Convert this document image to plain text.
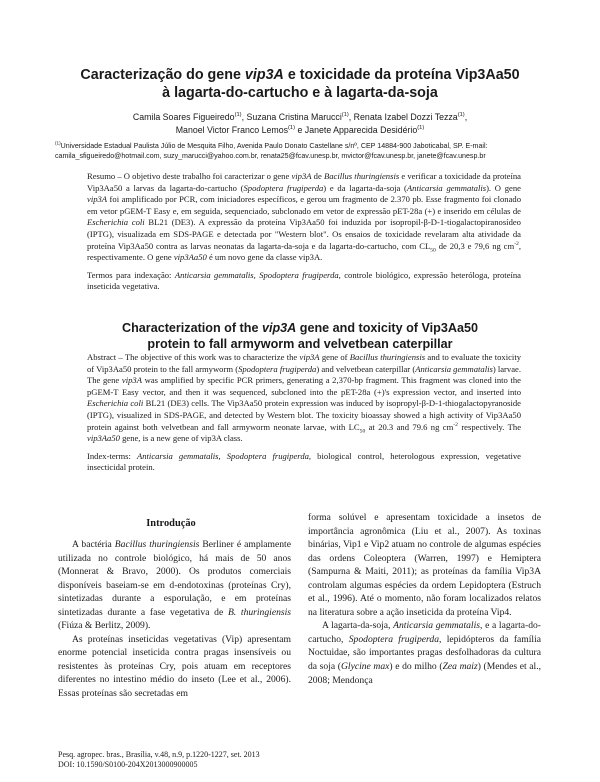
Caracterização do gene vip3A e toxicidade da proteína Vip3Aa50
à lagarta-do-cartucho e à lagarta-da-soja
Camila Soares Figueiredo$^{(1)}$, Suzana Cristina Marucci$^{(1)}$, Renata Izabel Dozzi Tezza$^{(1)}$,
Manoel Victor Franco Lemos$^{(1)}$ e Janete Apparecida Desidério$^{(1)}$
$^{(1)}$Universidade Estadual Paulista Júlio de Mesquita Filho, Avenida Paulo Donato Castellane s/nº, CEP 14884-900 Jaboticabal, SP. E-mail:
camila_sfigueiredo@hotmail.com, suzy_marucci@yahoo.com.br, renata25@fcav.unesp.br, mvictor@fcav.unesp.br, janete@fcav.unesp.br

Resumo – O objetivo deste trabalho foi caracterizar o gene vip3A de Bacillus thuringiensis e verificar a toxicidade da proteína Vip3Aa50 a larvas da lagarta-do-cartucho (Spodoptera frugiperda) e da lagarta-da-soja (Anticarsia gemmatalis). O gene vip3A foi amplificado por PCR, com iniciadores específicos, e gerou um fragmento de 2.370 pb. Esse fragmento foi clonado em vetor pGEM-T Easy e, em seguida, sequenciado, subclonado em vetor de expressão pET-28a (+) e inserido em células de Escherichia coli BL21 (DE3). A expressão da proteína Vip3Aa50 foi induzida por isopropil-β-D-1-tiogalactopiranosídeo (IPTG), visualizada em SDS-PAGE e detectada por "Western blot". Os ensaios de toxicidade revelaram alta atividade da proteína Vip3Aa50 contra as larvas neonatas da lagarta-da-soja e da lagarta-do-cartucho, com $CL_{50}$ de 20,3 e 79,6 ng $cm^{-2}$, respectivamente. O gene vip3Aa50 é um novo gene da classe vip3A.

Termos para indexação: Anticarsia gemmatalis, Spodoptera frugiperda, controle biológico, expressão heteróloga, proteína inseticida vegetativa.

Characterization of the vip3A gene and toxicity of Vip3Aa50
protein to fall armyworm and velvetbean caterpillar

Abstract – The objective of this work was to characterize the vip3A gene of Bacillus thuringiensis and to evaluate the toxicity of Vip3Aa50 protein to the fall armyworm (Spodoptera frugiperda) and velvetbean caterpillar (Anticarsia gemmatalis) larvae. The gene vip3A was amplified by specific PCR primers, generating a 2,370-bp fragment. This fragment was cloned into the pGEM-T Easy vector, and then it was sequenced, subcloned into the pET-28a (+)'s expression vector, and inserted into Escherichia coli BL21 (DE3) cells. The Vip3Aa50 protein expression was induced by isopropyl-β-D-1-thiogalactopyranoside (IPTG), visualized in SDS-PAGE, and detected by Western blot. The toxicity bioassay showed a high activity of Vip3Aa50 protein against both velvetbean and fall armyworm neonate larvae, with $LC_{50}$ at 20.3 and 79.6 ng $cm^{-2}$ respectively. The vip3Aa50 gene, is a new gene of vip3A class.

Index-terms: Anticarsia gemmatalis, Spodoptera frugiperda, biological control, heterologous expression, vegetative insecticidal protein.

Introdução

A bactéria Bacillus thuringiensis Berliner é amplamente utilizada no controle biológico, há mais de 50 anos (Monnerat & Bravo, 2000). Os produtos comerciais disponíveis baseiam-se em d-endotoxinas (proteínas Cry), sintetizadas durante a esporulação, e em proteínas sintetizadas durante a fase vegetativa de B. thuringiensis (Fiúza & Berlitz, 2009).

As proteínas inseticidas vegetativas (Vip) apresentam enorme potencial inseticida contra pragas insensíveis ou resistentes às proteínas Cry, pois atuam em receptores diferentes no intestino médio do inseto (Lee et al., 2006). Essas proteínas são secretadas em

forma solúvel e apresentam toxicidade a insetos de importância agronômica (Liu et al., 2007). As toxinas binárias, Vip1 e Vip2 atuam no controle de algumas espécies das ordens Coleoptera (Warren, 1997) e Hemiptera (Sampurna & Maiti, 2011); as proteínas da família Vip3A controlam algumas espécies da ordem Lepidoptera (Estruch et al., 1996). Até o momento, não foram localizados relatos na literatura sobre a ação inseticida da proteína Vip4.

A lagarta-da-soja, Anticarsia gemmatalis, e a lagarta-do-cartucho, Spodoptera frugiperda, lepidópteros da família Noctuidae, são importantes pragas desfolhadoras da cultura da soja (Glycine max) e do milho (Zea maiz) (Mendes et al., 2008; Mendonça

Pesq. agropec. bras., Brasília, v.48, n.9, p.1220-1227, set. 2013
DOI: 10.1590/S0100-204X2013000900005
